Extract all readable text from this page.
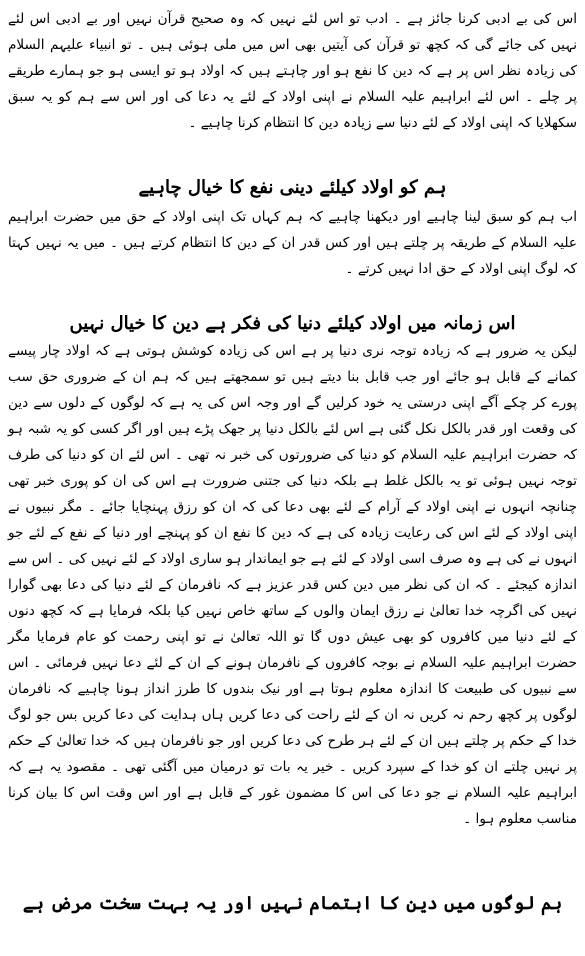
اس کی بے ادبی کرنا جائز ہے ۔ ادب تو اس لئے نہیں کہ وہ صحیح قرآن نہیں اور بے ادبی اس لئے نہیں کی جائے گی کہ کچھ تو قرآن کی آیتیں بھی اس میں ملی ہوئی ہیں ۔ تو انبیاء علیہم السلام کی زیادہ نظر اس پر ہے کہ دین کا نفع ہو اور چاہتے ہیں کہ اولاد ہو تو ایسی ہو جو ہمارے طریقے پر چلے ۔ اس لئے ابراہیم علیہ السلام نے اپنی اولاد کے لئے یہ دعا کی اور اس سے ہم کو یہ سبق سکھلایا کہ اپنی اولاد کے لئے دنیا سے زیادہ دین کا انتظام کرنا چاہیے ۔

ہم کو اولاد کیلئے دینی نفع کا خیال چاہیے

اب ہم کو سبق لینا چاہیے اور دیکھنا چاہیے کہ ہم کہاں تک اپنی اولاد کے حق میں حضرت ابراہیم علیہ السلام کے طریقہ پر چلتے ہیں اور کس قدر ان کے دین کا انتظام کرتے ہیں ۔ میں یہ نہیں کہتا کہ لوگ اپنی اولاد کے حق ادا نہیں کرتے ۔

اس زمانہ میں اولاد کیلئے دنیا کی فکر ہے دین کا خیال نہیں

لیکن یہ ضرور ہے کہ زیادہ توجہ نری دنیا پر ہے اس کی زیادہ کوشش ہوتی ہے کہ اولاد چار پیسے کمانے کے قابل ہو جائے اور جب قابل بنا دیتے ہیں تو سمجھتے ہیں کہ ہم ان کے ضروری حق سب پورے کر چکے آگے اپنی درستی یہ خود کرلیں گے اور وجہ اس کی یہ ہے کہ لوگوں کے دلوں سے دین کی وقعت اور قدر بالکل نکل گئی ہے اس لئے بالکل دنیا پر جھک پڑے ہیں اور اگر کسی کو یہ شبہ ہو کہ حضرت ابراہیم علیہ السلام کو دنیا کی ضرورتوں کی خبر نہ تھی ۔ اس لئے ان کو دنیا کی طرف توجہ نہیں ہوئی تو یہ بالکل غلط ہے بلکہ دنیا کی جتنی ضرورت ہے اس کی ان کو پوری خبر تھی چنانچہ انہوں نے اپنی اولاد کے آرام کے لئے بھی دعا کی کہ ان کو رزق پہنچایا جائے ۔ مگر نبیوں نے اپنی اولاد کے لئے اس کی رعایت زیادہ کی ہے کہ دین کا نفع ان کو پہنچے اور دنیا کے نفع کے لئے جو انہوں نے کی ہے وہ صرف اسی اولاد کے لئے ہے جو ایماندار ہو ساری اولاد کے لئے نہیں کی ۔ اس سے اندازہ کیجئے ۔ کہ ان کی نظر میں دین کس قدر عزیز ہے کہ نافرمان کے لئے دنیا کی دعا بھی گوارا نہیں کی اگرچہ خدا تعالیٰ نے رزق ایمان والوں کے ساتھ خاص نہیں کیا بلکہ فرمایا ہے کہ کچھ دنوں کے لئے دنیا میں کافروں کو بھی عیش دوں گا تو اللہ تعالیٰ نے تو اپنی رحمت کو عام فرمایا مگر حضرت ابراہیم علیہ السلام نے بوجہ کافروں کے نافرمان ہونے کے ان کے لئے دعا نہیں فرمائی ۔ اس سے نبیوں کی طبیعت کا اندازہ معلوم ہوتا ہے اور نیک بندوں کا طرز انداز ہونا چاہیے کہ نافرمان لوگوں پر کچھ رحم نہ کریں نہ ان کے لئے راحت کی دعا کریں ہاں ہدایت کی دعا کریں بس جو لوگ خدا کے حکم پر چلتے ہیں ان کے لئے ہر طرح کی دعا کریں اور جو نافرمان ہیں کہ خدا تعالیٰ کے حکم پر نہیں چلتے ان کو خدا کے سپرد کریں ۔ خیر یہ بات تو درمیان میں آگئی تھی ۔ مقصود یہ ہے کہ ابراہیم علیہ السلام نے جو دعا کی اس کا مضمون غور کے قابل ہے اور اس وقت اس کا بیان کرنا مناسب معلوم ہوا ۔

ہم لوگوں میں دین کا اہتمام نہیں اور یہ بہت سخت مرض ہے
